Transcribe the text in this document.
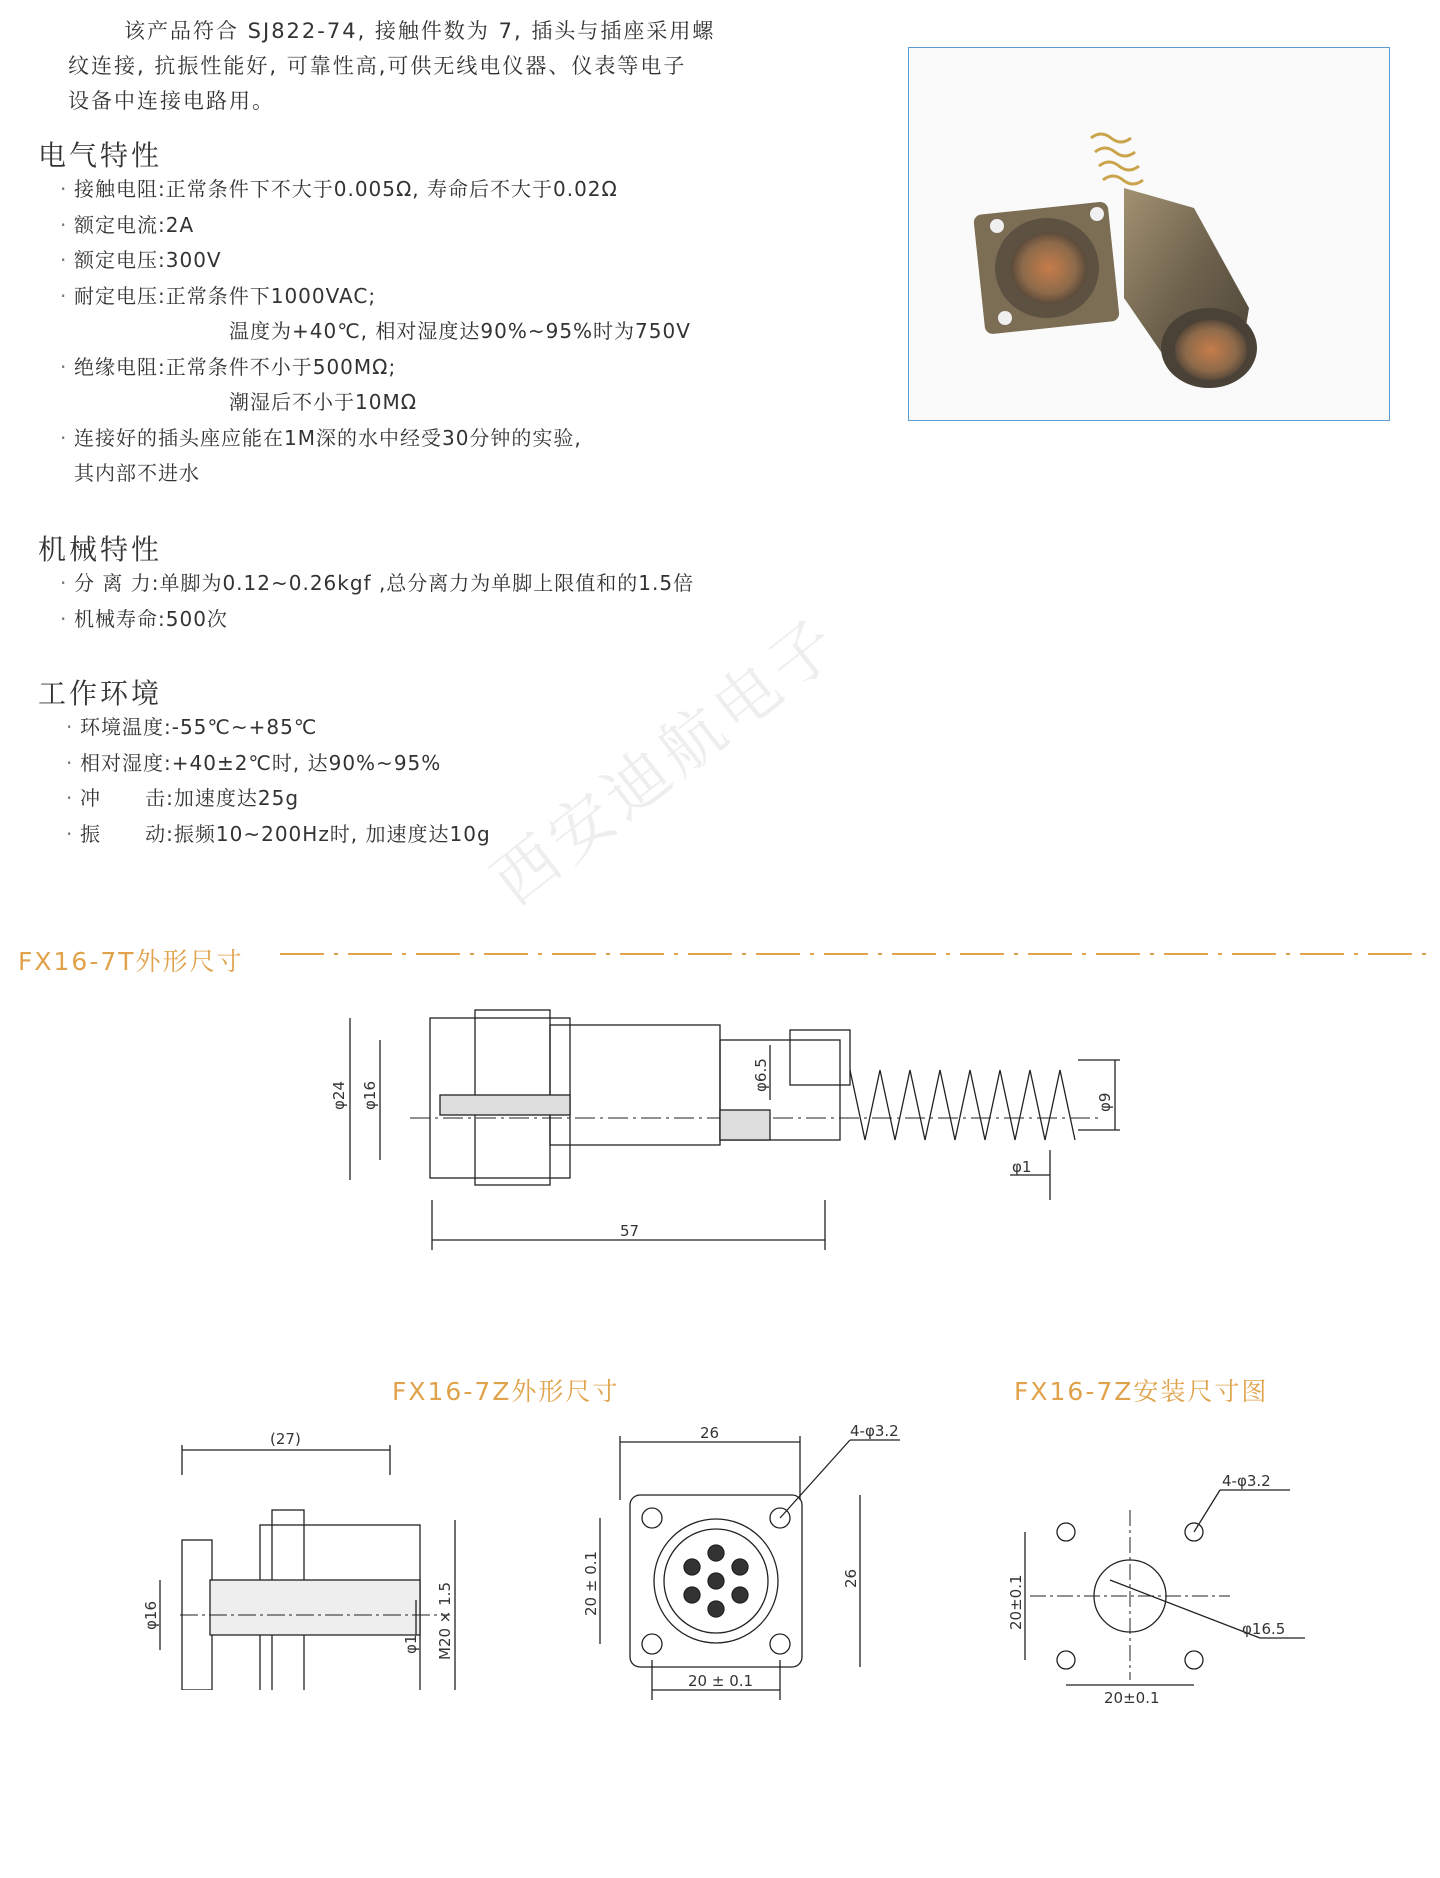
该产品符合 SJ822-74, 接触件数为 7, 插头与插座采用螺
纹连接, 抗振性能好, 可靠性高,可供无线电仪器、仪表等电子
设备中连接电路用。
电气特性
· 接触电阻:正常条件下不大于0.005Ω, 寿命后不大于0.02Ω
· 额定电流:2A
· 额定电压:300V
· 耐定电压:正常条件下1000VAC;
温度为+40℃, 相对湿度达90%~95%时为750V
· 绝缘电阻:正常条件不小于500MΩ;
潮湿后不小于10MΩ
· 连接好的插头座应能在1M深的水中经受30分钟的实验,
其内部不进水
机械特性
· 分 离 力:单脚为0.12~0.26kgf ,总分离力为单脚上限值和的1.5倍
· 机械寿命:500次
工作环境
· 环境温度:-55℃~+85℃
· 相对湿度:+40±2℃时, 达90%~95%
· 冲      击:加速度达25g
· 振      动:振频10~200Hz时, 加速度达10g
西安迪航电子
FX16-7T外形尺寸
φ24 φ16
φ6.5
φ9
φ1
57
FX16-7Z外形尺寸	FX16-7Z安装尺寸图
(27)
φ16
φ1 M20 × 1.5
26	4-φ3.2
26
20 ± 0.1
20 ± 0.1
4-φ3.2
φ16.5
20±0.1
20±0.1
